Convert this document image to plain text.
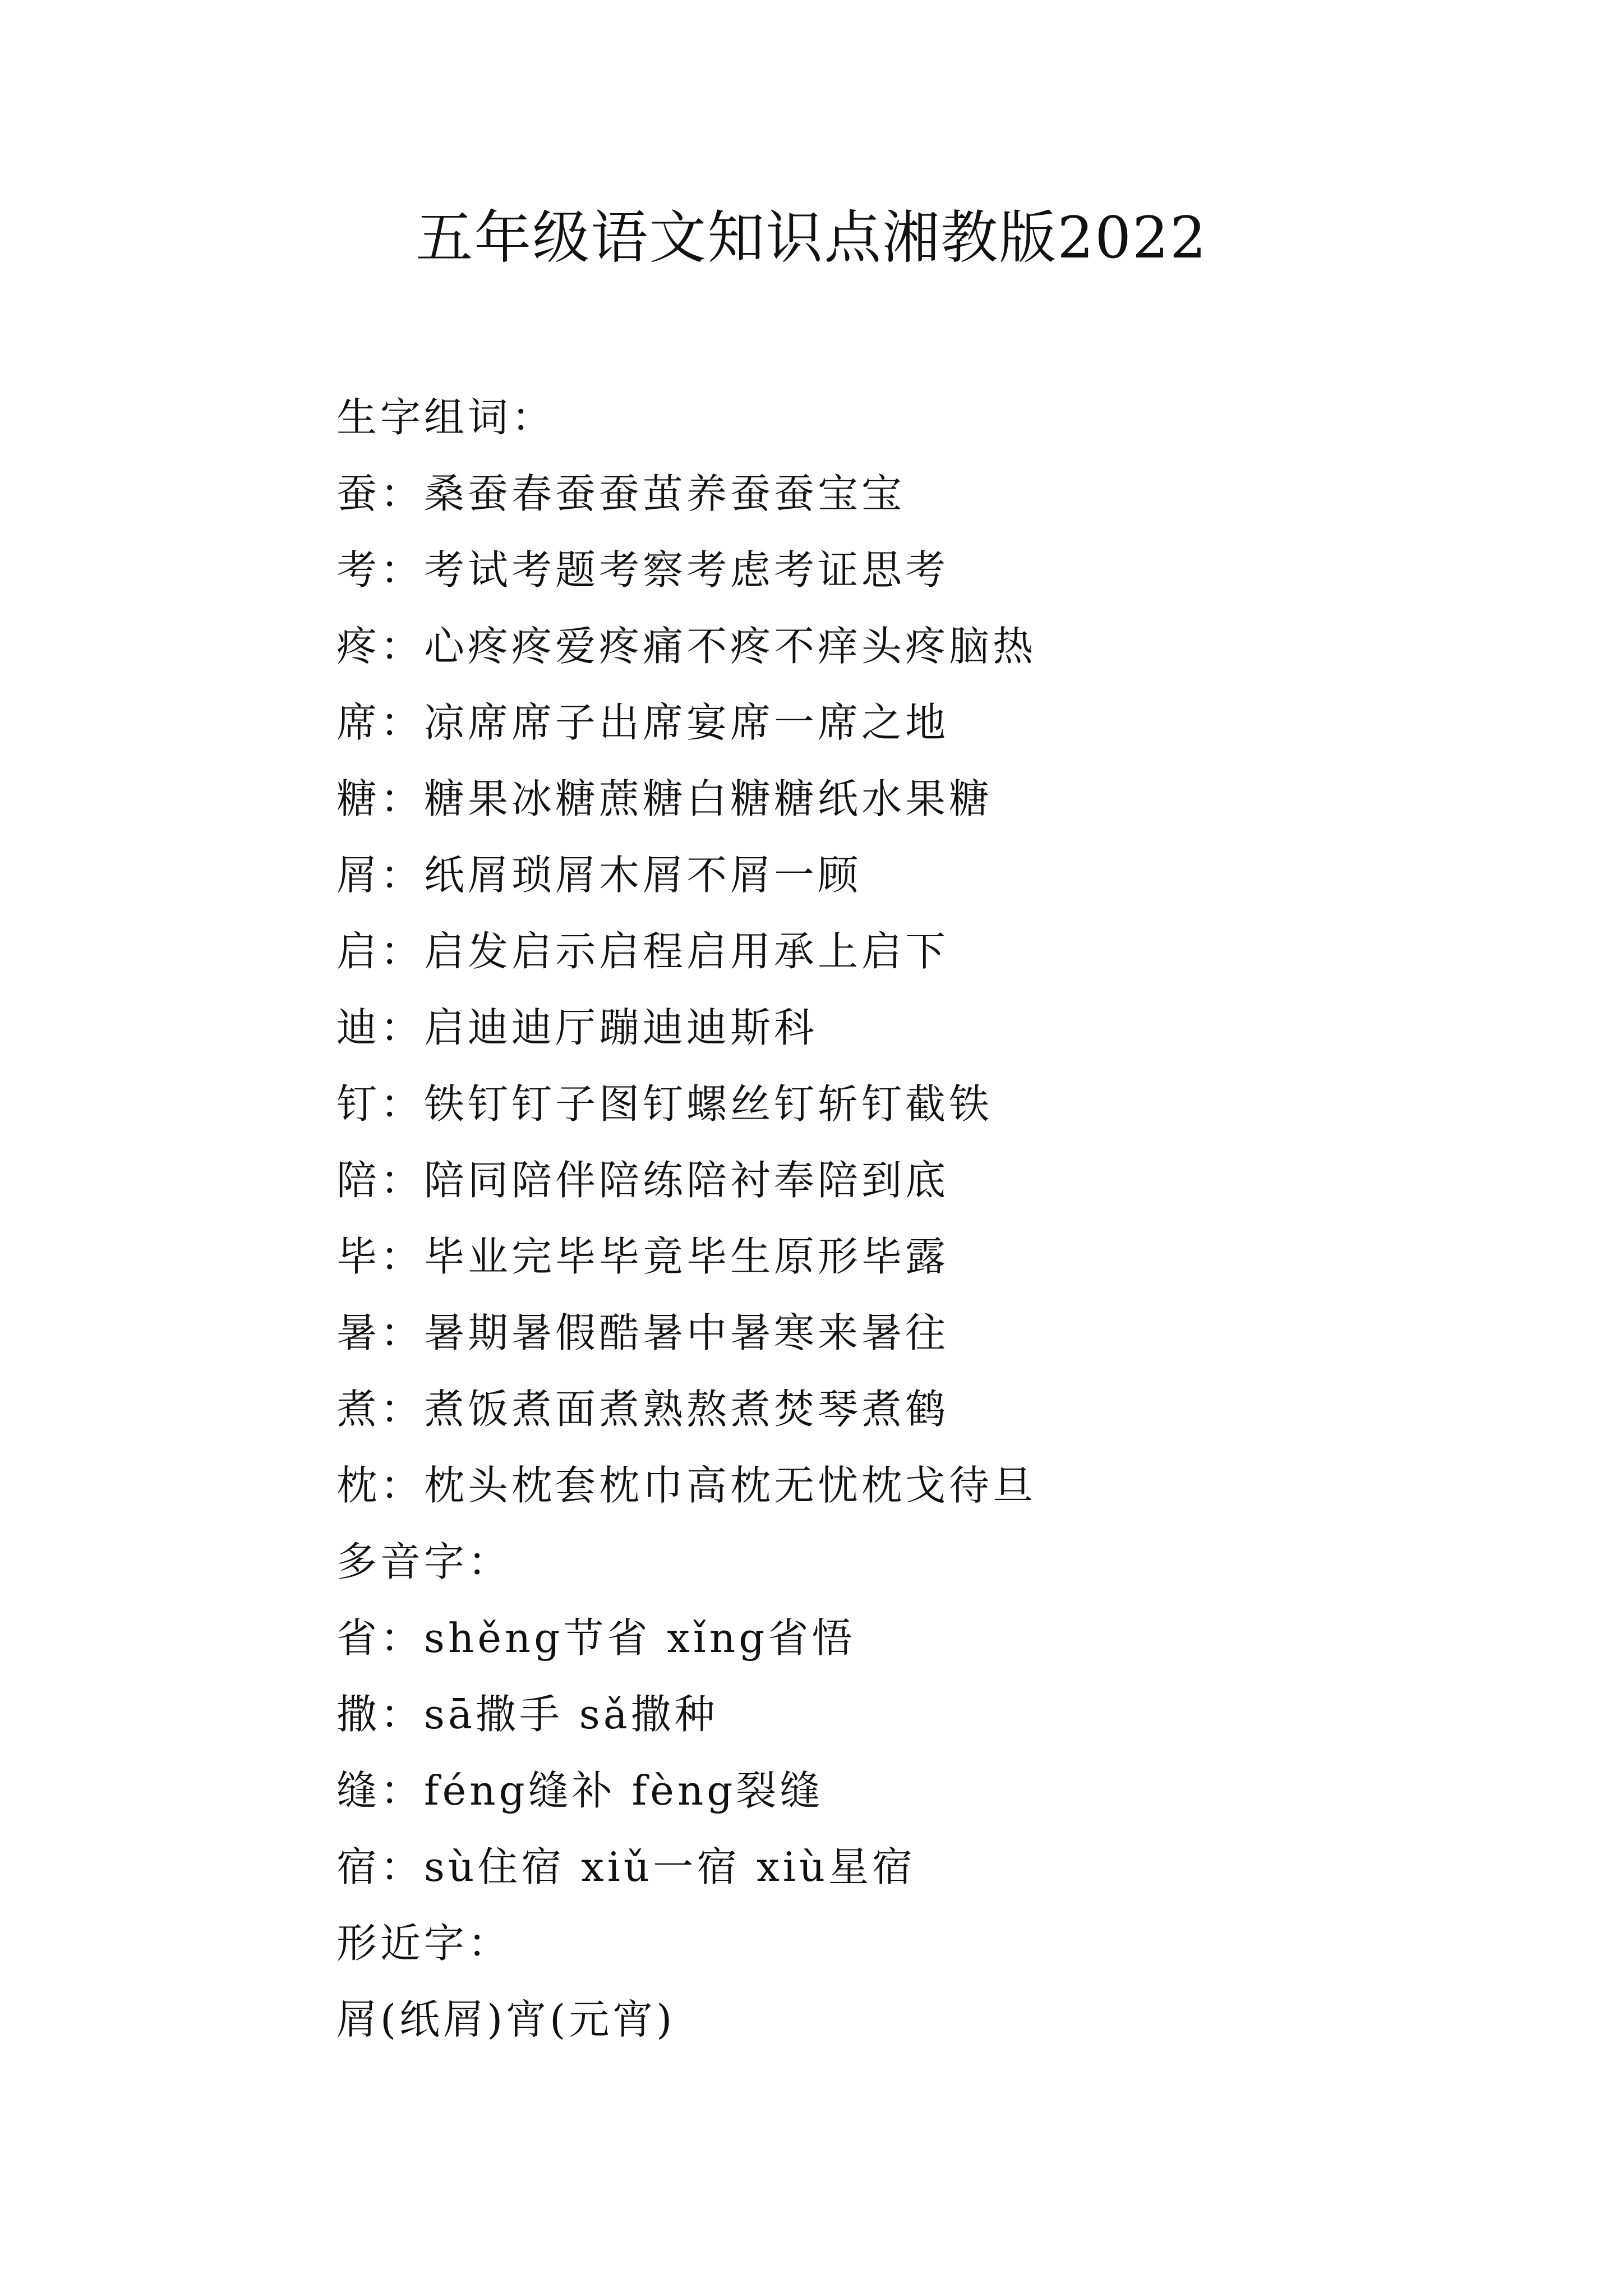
五年级语文知识点湘教版2022
生字组词：
蚕：桑蚕春蚕蚕茧养蚕蚕宝宝
考：考试考题考察考虑考证思考
疼：心疼疼爱疼痛不疼不痒头疼脑热
席：凉席席子出席宴席一席之地
糖：糖果冰糖蔗糖白糖糖纸水果糖
屑：纸屑琐屑木屑不屑一顾
启：启发启示启程启用承上启下
迪：启迪迪厅蹦迪迪斯科
钉：铁钉钉子图钉螺丝钉斩钉截铁
陪：陪同陪伴陪练陪衬奉陪到底
毕：毕业完毕毕竟毕生原形毕露
暑：暑期暑假酷暑中暑寒来暑往
煮：煮饭煮面煮熟熬煮焚琴煮鹤
枕：枕头枕套枕巾高枕无忧枕戈待旦
多音字：
省：shěng节省 xǐng省悟
撒：sā撒手 sǎ撒种
缝：féng缝补 fèng裂缝
宿：sù住宿 xiǔ一宿 xiù星宿
形近字：
屑(纸屑)宵(元宵)
